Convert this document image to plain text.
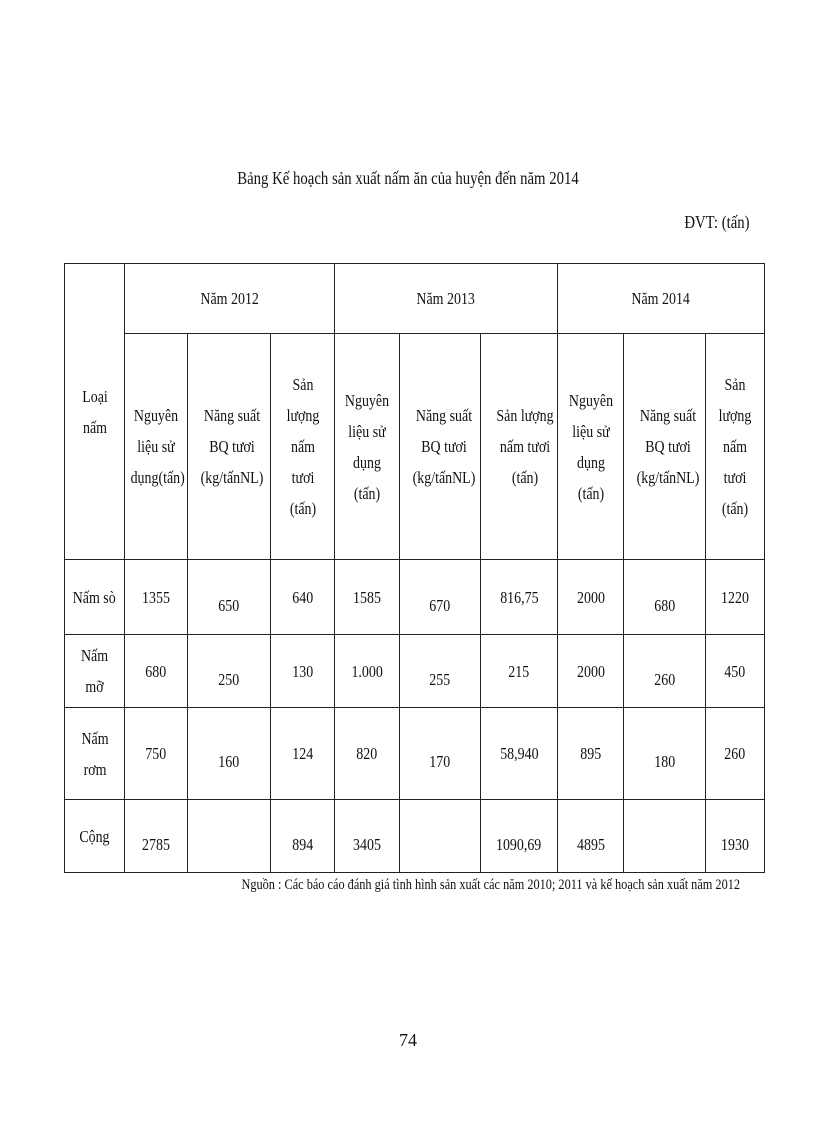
Bảng Kế hoạch sản xuất nấm ăn của huyện đến năm 2014
ĐVT: (tấn)
Loại nấm	Năm 2012			Năm 2013			Năm 2014		
	Nguyên liệu sử dụng(tấn)	Năng suất BQ tươi (kg/tấnNL)	Sản lượng nấm tươi (tấn)	Nguyên liệu sử dụng (tấn)	Năng suất BQ tươi (kg/tấnNL)	Sản lượng nấm tươi (tấn)	Nguyên liệu sử dụng (tấn)	Năng suất BQ tươi (kg/tấnNL)	Sản lượng nấm tươi (tấn)
Nấm sò	1355	650	640	1585	670	816,75	2000	680	1220
Nấm mỡ	680	250	130	1.000	255	215	2000	260	450
Nấm rơm	750	160	124	820	170	58,940	895	180	260
Cộng	2785		894	3405		1090,69	4895		1930
Nguồn : Các báo cáo đánh giá tình hình sản xuất các năm 2010; 2011 và kế hoạch sản xuất năm 2012
74
